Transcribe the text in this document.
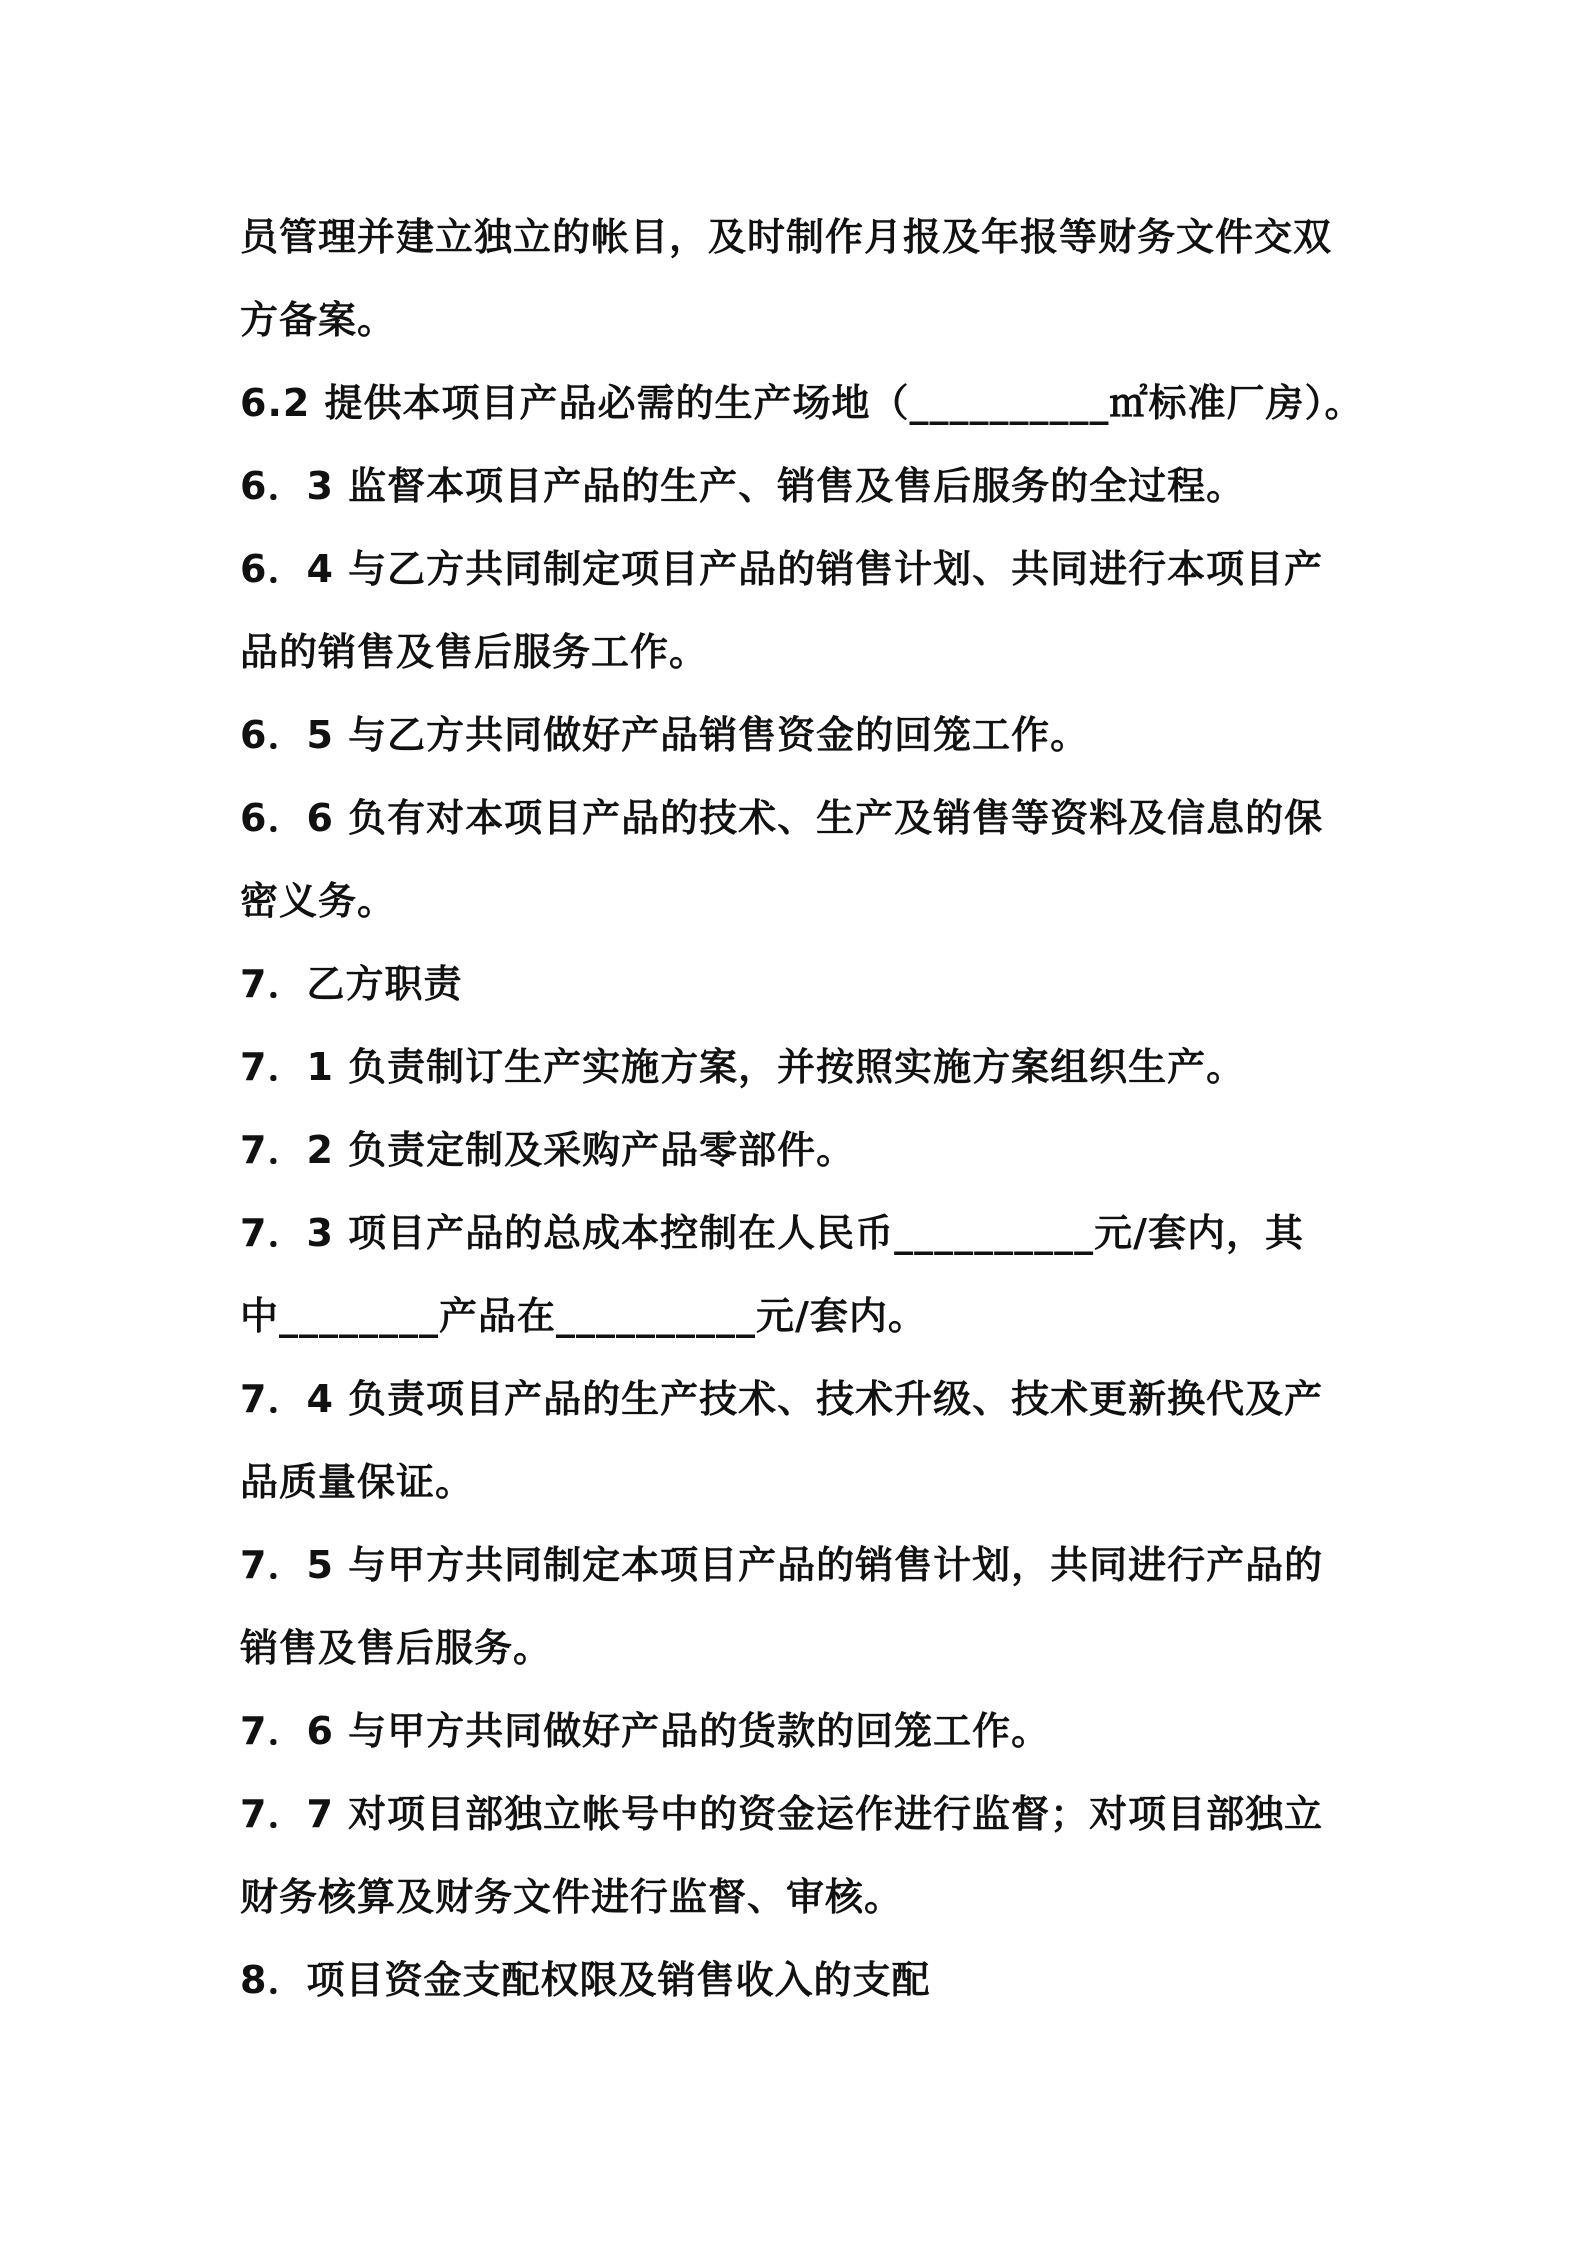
员管理并建立独立的帐目，及时制作月报及年报等财务文件交双
方备案。
6.2 提供本项目产品必需的生产场地（__________㎡标准厂房）。
6．3 监督本项目产品的生产、销售及售后服务的全过程。
6．4 与乙方共同制定项目产品的销售计划、共同进行本项目产
品的销售及售后服务工作。
6．5 与乙方共同做好产品销售资金的回笼工作。
6．6 负有对本项目产品的技术、生产及销售等资料及信息的保
密义务。
7．乙方职责
7．1 负责制订生产实施方案，并按照实施方案组织生产。
7．2 负责定制及采购产品零部件。
7．3 项目产品的总成本控制在人民币__________元/套内，其
中________产品在__________元/套内。
7．4 负责项目产品的生产技术、技术升级、技术更新换代及产
品质量保证。
7．5 与甲方共同制定本项目产品的销售计划，共同进行产品的
销售及售后服务。
7．6 与甲方共同做好产品的货款的回笼工作。
7．7 对项目部独立帐号中的资金运作进行监督；对项目部独立
财务核算及财务文件进行监督、审核。
8．项目资金支配权限及销售收入的支配
